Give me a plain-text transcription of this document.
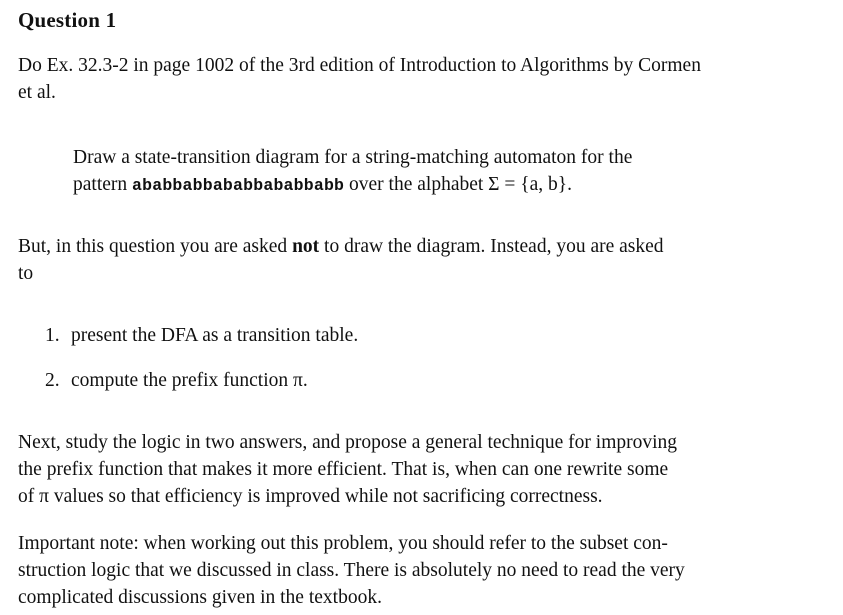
Question 1

Do Ex. 32.3-2 in page 1002 of the 3rd edition of Introduction to Algorithms by Cormen
et al.

Draw a state-transition diagram for a string-matching automaton for the
pattern ababbabbababbababbabb over the alphabet Σ = {a, b}.

But, in this question you are asked not to draw the diagram. Instead, you are asked
to

1. present the DFA as a transition table.
2. compute the prefix function π.

Next, study the logic in two answers, and propose a general technique for improving
the prefix function that makes it more efficient. That is, when can one rewrite some
of π values so that efficiency is improved while not sacrificing correctness.

Important note: when working out this problem, you should refer to the subset con-
struction logic that we discussed in class. There is absolutely no need to read the very
complicated discussions given in the textbook.
